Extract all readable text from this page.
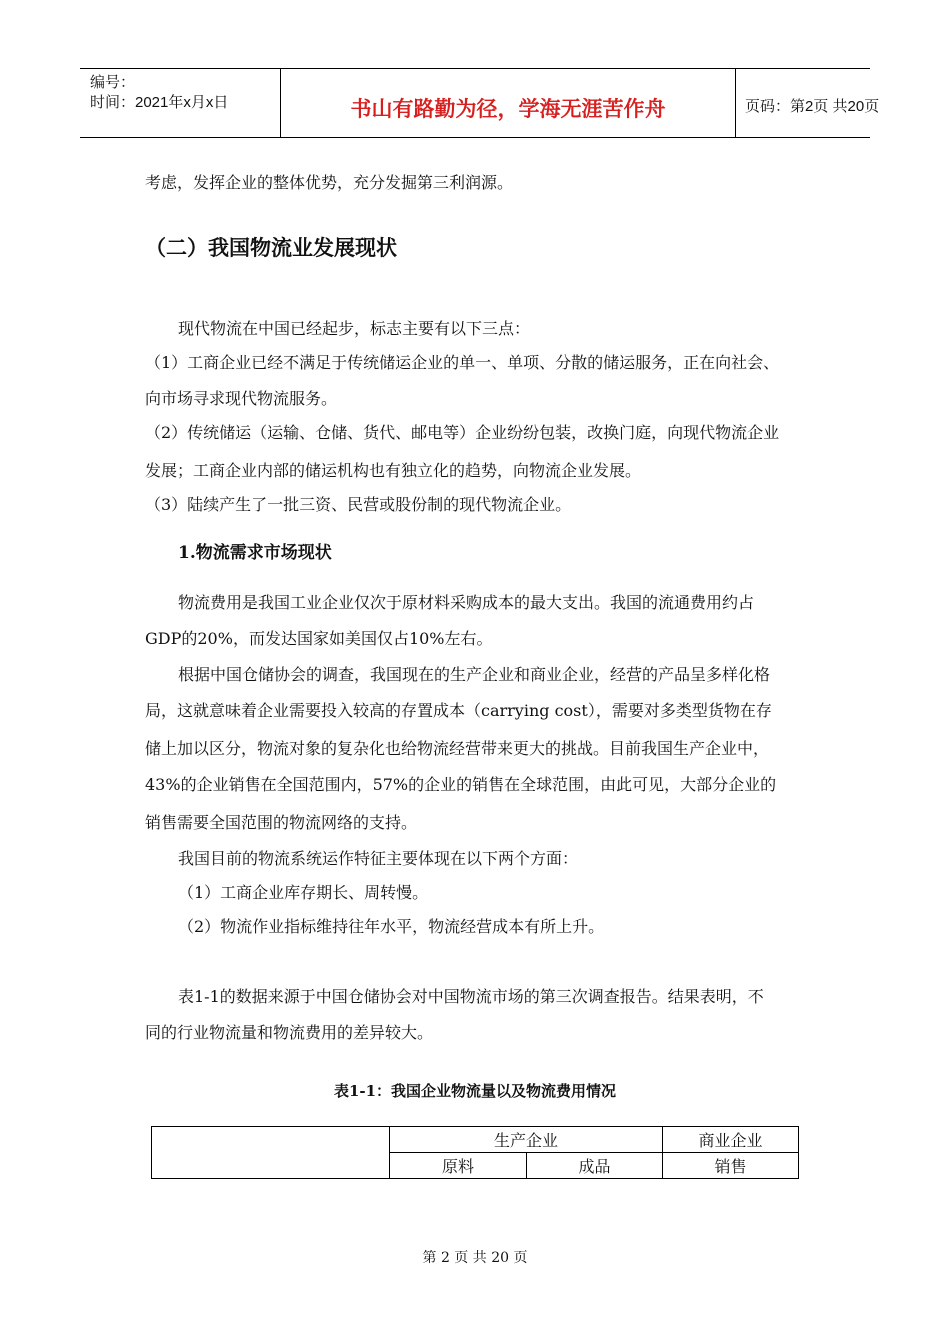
编号：
时间：2021年x月x日	书山有路勤为径，学海无涯苦作舟	页码：第2页 共20页
考虑，发挥企业的整体优势，充分发掘第三利润源。
（二）我国物流业发展现状
现代物流在中国已经起步，标志主要有以下三点：
（1）工商企业已经不满足于传统储运企业的单一、单项、分散的储运服务，正在向社会、
向市场寻求现代物流服务。
（2）传统储运（运输、仓储、货代、邮电等）企业纷纷包装，改换门庭，向现代物流企业
发展；工商企业内部的储运机构也有独立化的趋势，向物流企业发展。
（3）陆续产生了一批三资、民营或股份制的现代物流企业。
1.物流需求市场现状
物流费用是我国工业企业仅次于原材料采购成本的最大支出。我国的流通费用约占
GDP的20%，而发达国家如美国仅占10%左右。
根据中国仓储协会的调查，我国现在的生产企业和商业企业，经营的产品呈多样化格
局，这就意味着企业需要投入较高的存置成本（carrying cost），需要对多类型货物在存
储上加以区分，物流对象的复杂化也给物流经营带来更大的挑战。目前我国生产企业中，
43%的企业销售在全国范围内，57%的企业的销售在全球范围，由此可见，大部分企业的
销售需要全国范围的物流网络的支持。
我国目前的物流系统运作特征主要体现在以下两个方面：
（1）工商企业库存期长、周转慢。
（2）物流作业指标维持往年水平，物流经营成本有所上升。
表1-1的数据来源于中国仓储协会对中国物流市场的第三次调查报告。结果表明，不
同的行业物流量和物流费用的差异较大。
表1-1：我国企业物流量以及物流费用情况
	生产企业		商业企业
	原料	成品	销售
第 2 页 共 20 页
